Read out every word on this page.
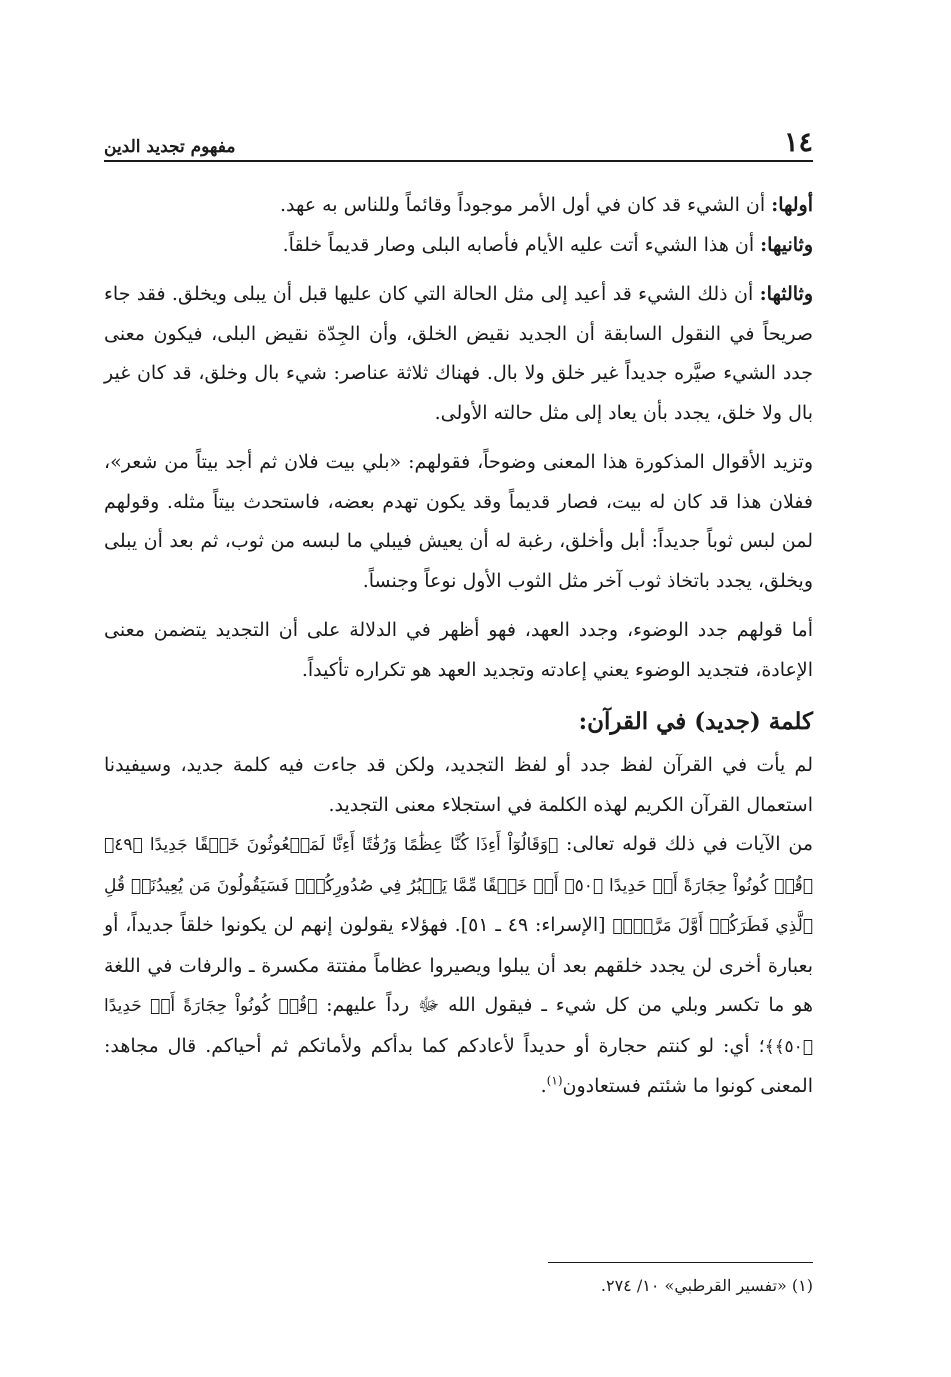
١٤
مفهوم تجديد الدين

أولها: أن الشيء قد كان في أول الأمر موجوداً وقائماً وللناس به عهد.

وثانيها: أن هذا الشيء أتت عليه الأيام فأصابه البلى وصار قديماً خلقاً.

وثالثها: أن ذلك الشيء قد أعيد إلى مثل الحالة التي كان عليها قبل أن يبلى ويخلق. فقد جاء صريحاً في النقول السابقة أن الجديد نقيض الخلق، وأن الجِدّة نقيض البلى، فيكون معنى جدد الشيء صيَّره جديداً غير خلق ولا بال. فهناك ثلاثة عناصر: شيء بال وخلق، قد كان غير بال ولا خلق، يجدد بأن يعاد إلى مثل حالته الأولى.

وتزيد الأقوال المذكورة هذا المعنى وضوحاً، فقولهم: «بلي بيت فلان ثم أجد بيتاً من شعر»، ففلان هذا قد كان له بيت، فصار قديماً وقد يكون تهدم بعضه، فاستحدث بيتاً مثله. وقولهم لمن لبس ثوباً جديداً: أبل وأخلق، رغبة له أن يعيش فيبلي ما لبسه من ثوب، ثم بعد أن يبلى ويخلق، يجدد باتخاذ ثوب آخر مثل الثوب الأول نوعاً وجنساً.

أما قولهم جدد الوضوء، وجدد العهد، فهو أظهر في الدلالة على أن التجديد يتضمن معنى الإعادة، فتجديد الوضوء يعني إعادته وتجديد العهد هو تكراره تأكيداً.

كلمة (جديد) في القرآن:

لم يأت في القرآن لفظ جدد أو لفظ التجديد، ولكن قد جاءت فيه كلمة جديد، وسيفيدنا استعمال القرآن الكريم لهذه الكلمة في استجلاء معنى التجديد.

من الآيات في ذلك قوله تعالى: ﴿وَقَالُوٓاْ أَءِذَا كُنَّا عِظَٰمًا وَرُفَٰتًا أَءِنَّا لَمَبۡعُوثُونَ خَلۡقًا جَدِيدًا ﴿٤٩﴾ ۞قُلۡ كُونُواْ حِجَارَةً أَوۡ حَدِيدًا ﴿٥٠﴾ أَوۡ خَلۡقًا مِّمَّا يَكۡبُرُ فِي صُدُورِكُمۡۚ فَسَيَقُولُونَ مَن يُعِيدُنَاۖ قُلِ ٱلَّذِي فَطَرَكُمۡ أَوَّلَ مَرَّةٖۚ﴾ [الإسراء: ٤٩ ـ ٥١]. فهؤلاء يقولون إنهم لن يكونوا خلقاً جديداً، أو بعبارة أخرى لن يجدد خلقهم بعد أن يبلوا ويصيروا عظاماً مفتتة مكسرة ـ والرفات في اللغة هو ما تكسر وبلي من كل شيء ـ فيقول الله ﷻ رداً عليهم: ﴿قُلۡ كُونُواْ حِجَارَةً أَوۡ حَدِيدًا ﴿٥٠﴾﴾؛ أي: لو كنتم حجارة أو حديداً لأعادكم كما بدأكم ولأماتكم ثم أحياكم. قال مجاهد: المعنى كونوا ما شئتم فستعادون$^{(١)}$.

(١) «تفسير القرطبي» ١٠/ ٢٧٤.
